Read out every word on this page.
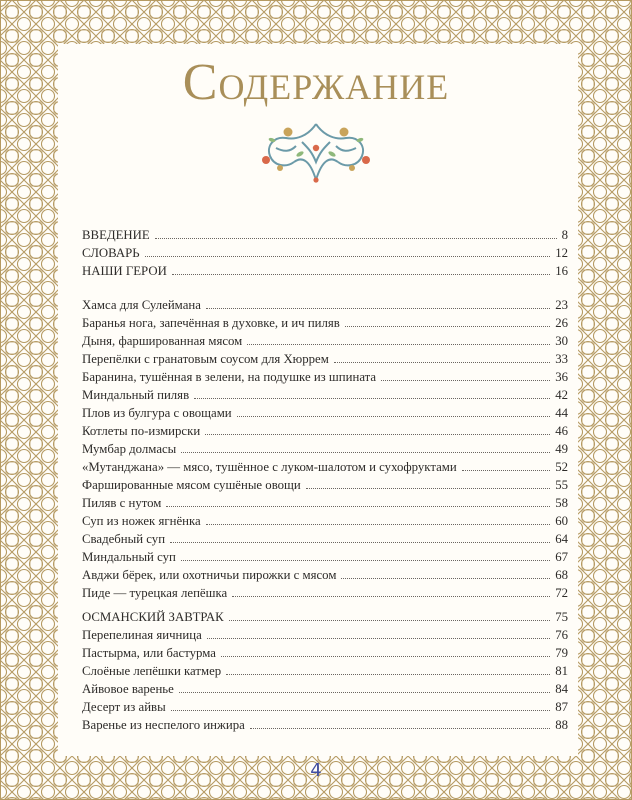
Содержание
ВВЕДЕНИЕ	8
СЛОВАРЬ	12
НАШИ ГЕРОИ	16
Хамса для Сулеймана	23
Баранья нога, запечённая в духовке, и ич пиляв	26
Дыня, фаршированная мясом	30
Перепёлки с гранатовым соусом для Хюррем	33
Баранина, тушённая в зелени, на подушке из шпината	36
Миндальный пиляв	42
Плов из булгура с овощами	44
Котлеты по-измирски	46
Мумбар долмасы	49
«Мутанджана» — мясо, тушённое с луком-шалотом и сухофруктами	52
Фаршированные мясом сушёные овощи	55
Пиляв с нутом	58
Суп из ножек ягнёнка	60
Свадебный суп	64
Миндальный суп	67
Авджи бёрек, или охотничьи пирожки с мясом	68
Пиде — турецкая лепёшка	72
ОСМАНСКИЙ ЗАВТРАК	75
Перепелиная яичница	76
Пастырма, или бастурма	79
Слоёные лепёшки катмер	81
Айвовое варенье	84
Десерт из айвы	87
Варенье из неспелого инжира	88
4
